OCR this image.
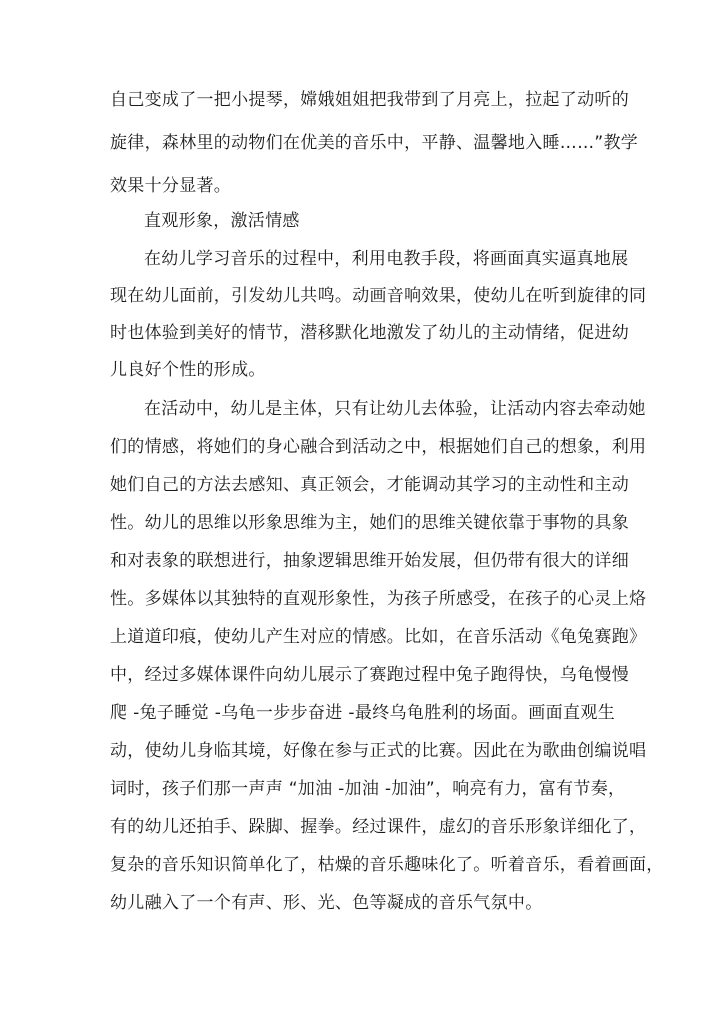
自己变成了一把小提琴，嫦娥姐姐把我带到了月亮上，拉起了动听的
旋律，森林里的动物们在优美的音乐中，平静、温馨地入睡……”教学
效果十分显著。
直观形象，激活情感
在幼儿学习音乐的过程中，利用电教手段，将画面真实逼真地展
现在幼儿面前，引发幼儿共鸣。动画音响效果，使幼儿在听到旋律的同
时也体验到美好的情节，潜移默化地激发了幼儿的主动情绪，促进幼
儿良好个性的形成。
在活动中，幼儿是主体，只有让幼儿去体验，让活动内容去牵动她
们的情感，将她们的身心融合到活动之中，根据她们自己的想象，利用
她们自己的方法去感知、真正领会，才能调动其学习的主动性和主动
性。幼儿的思维以形象思维为主，她们的思维关键依靠于事物的具象
和对表象的联想进行，抽象逻辑思维开始发展，但仍带有很大的详细
性。多媒体以其独特的直观形象性，为孩子所感受，在孩子的心灵上烙
上道道印痕，使幼儿产生对应的情感。比如，在音乐活动《龟兔赛跑》
中，经过多媒体课件向幼儿展示了赛跑过程中兔子跑得快，乌龟慢慢
爬 -兔子睡觉 -乌龟一步步奋进 -最终乌龟胜利的场面。画面直观生
动，使幼儿身临其境，好像在参与正式的比赛。因此在为歌曲创编说唱
词时，孩子们那一声声 “加油 -加油 -加油”，响亮有力，富有节奏，
有的幼儿还拍手、跺脚、握拳。经过课件，虚幻的音乐形象详细化了，
复杂的音乐知识简单化了，枯燥的音乐趣味化了。听着音乐，看着画面，
幼儿融入了一个有声、形、光、色等凝成的音乐气氛中。
